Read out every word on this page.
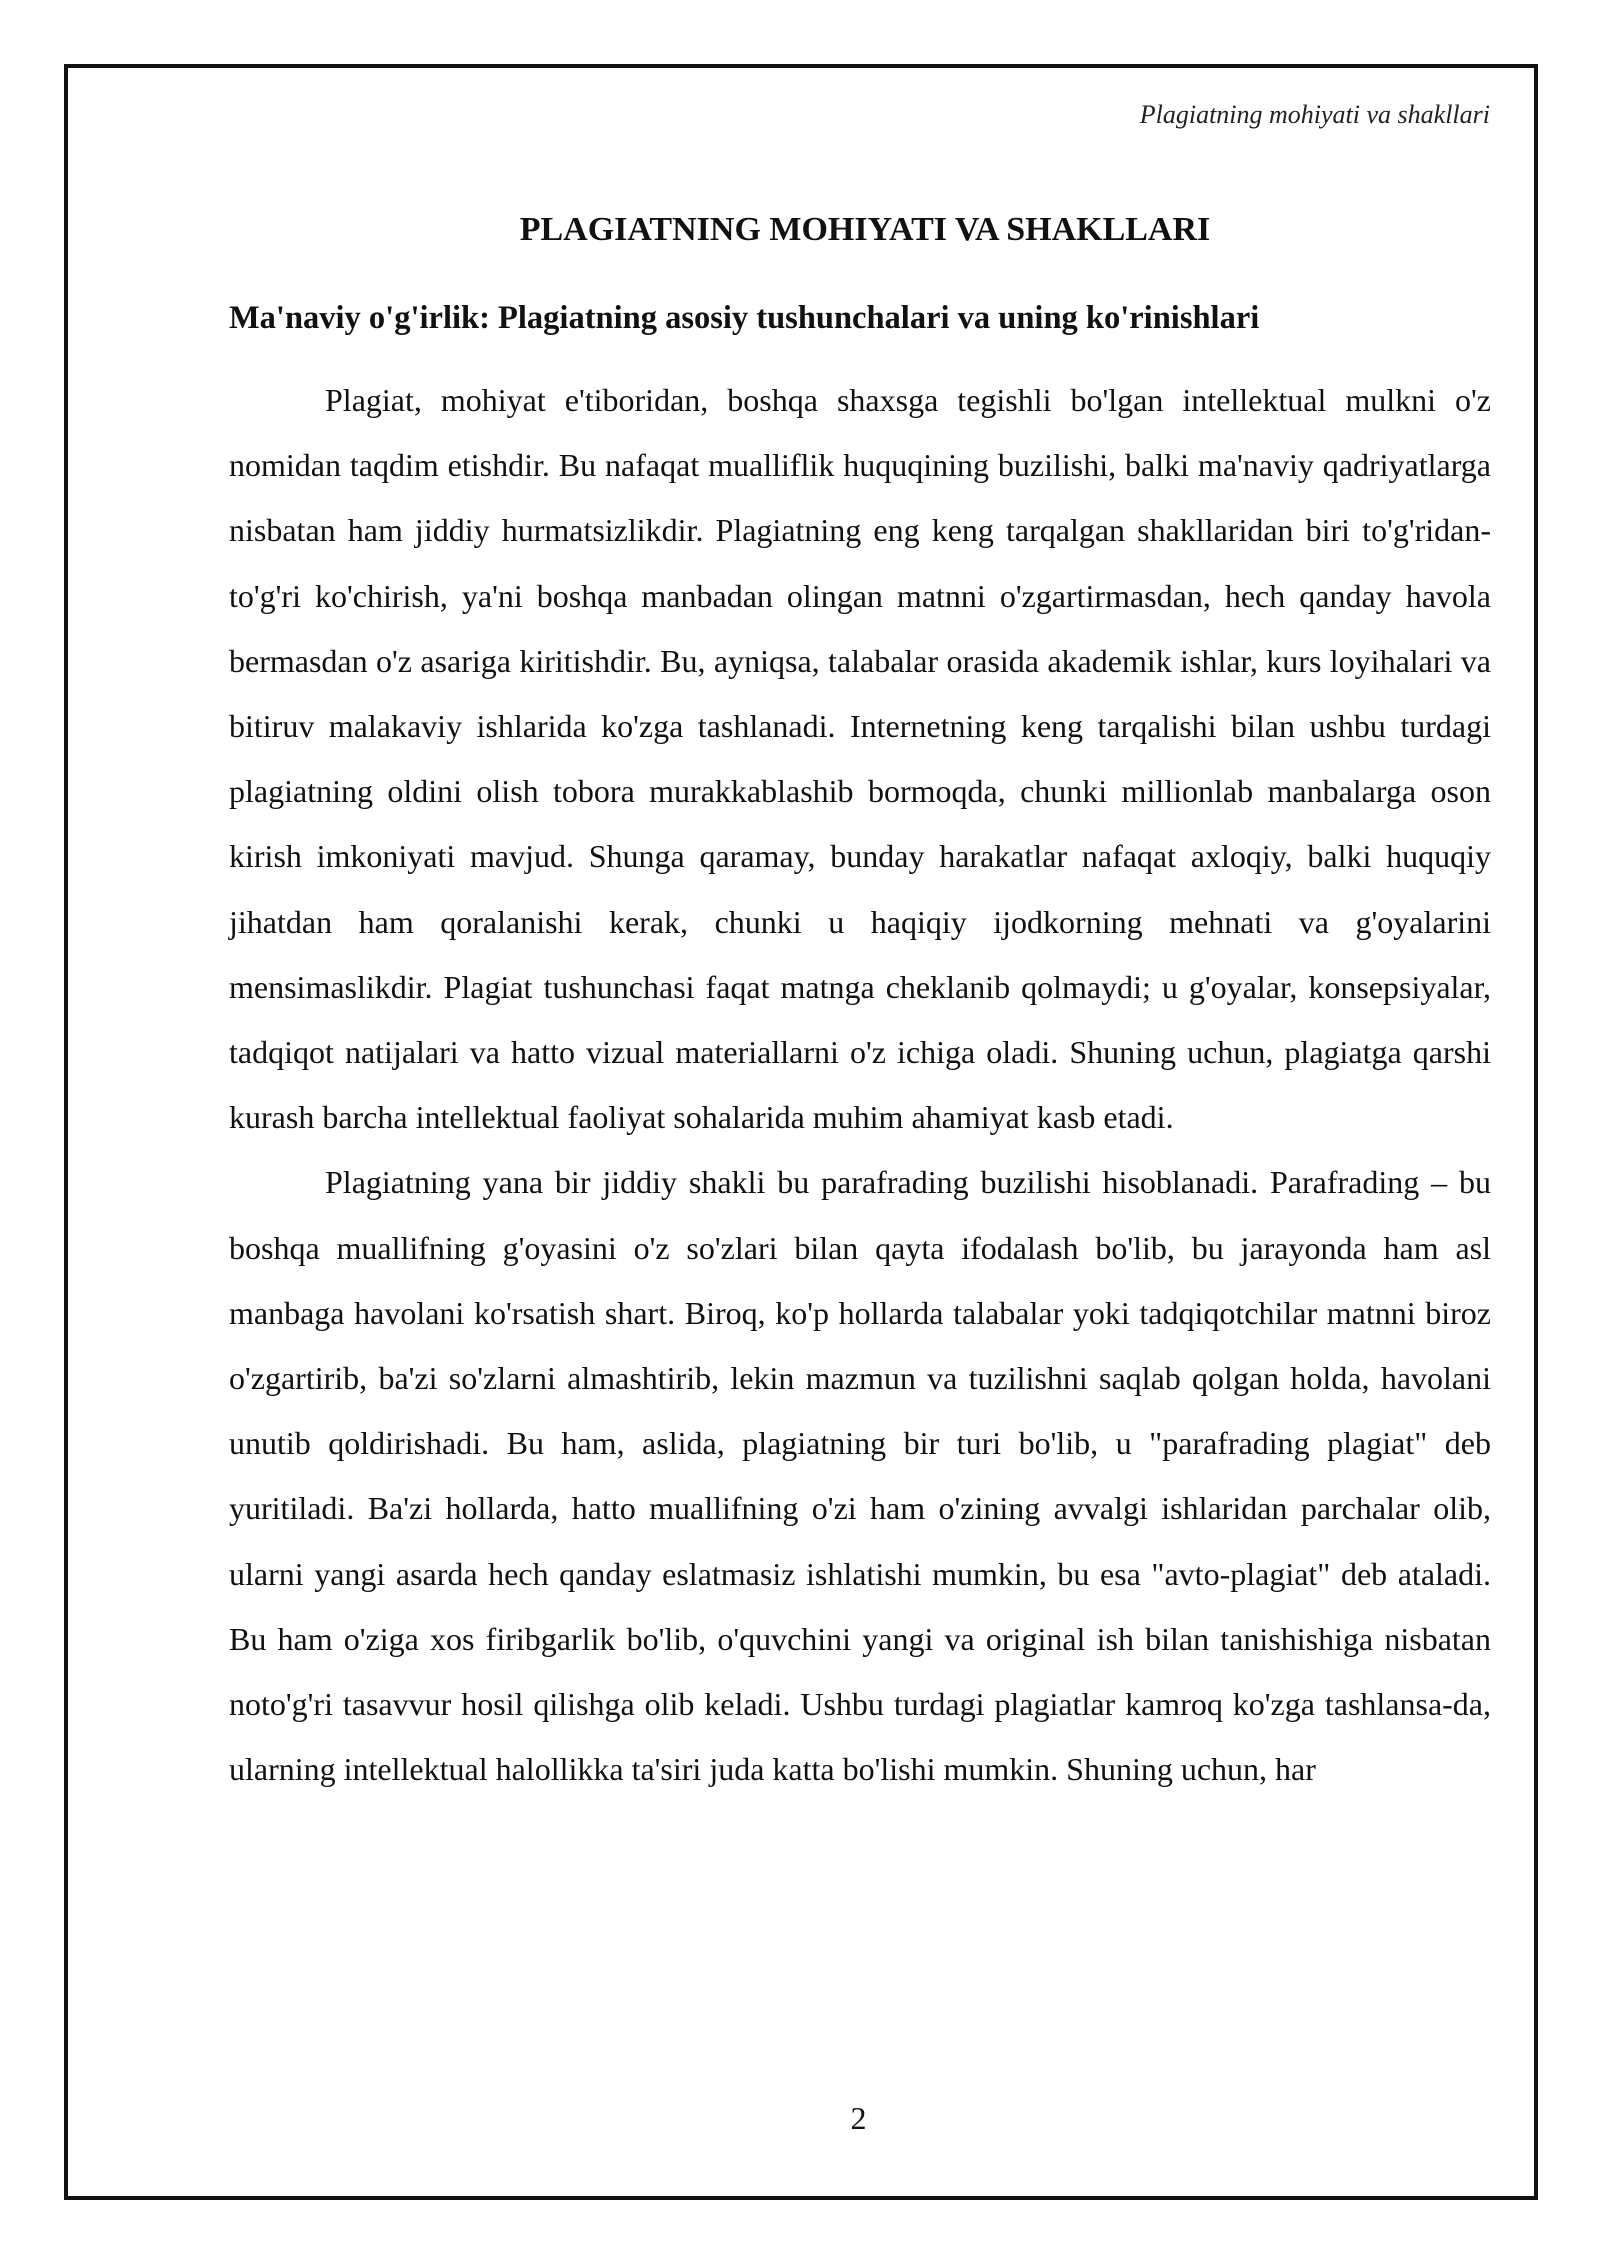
Plagiatning mohiyati va shakllari
PLAGIATNING MOHIYATI VA SHAKLLARI
Ma'naviy o'g'irlik: Plagiatning asosiy tushunchalari va uning ko'rinishlari

Plagiat, mohiyat e'tiboridan, boshqa shaxsga tegishli bo'lgan intellektual mulkni o'z nomidan taqdim etishdir. Bu nafaqat mualliflik huquqining buzilishi, balki ma'naviy qadriyatlarga nisbatan ham jiddiy hurmatsizlikdir. Plagiatning eng keng tarqalgan shakllaridan biri to'g'ridan-to'g'ri ko'chirish, ya'ni boshqa manbadan olingan matnni o'zgartirmasdan, hech qanday havola bermasdan o'z asariga kiritishdir. Bu, ayniqsa, talabalar orasida akademik ishlar, kurs loyihalari va bitiruv malakaviy ishlarida ko'zga tashlanadi. Internetning keng tarqalishi bilan ushbu turdagi plagiatning oldini olish tobora murakkablashib bormoqda, chunki millionlab manbalarga oson kirish imkoniyati mavjud. Shunga qaramay, bunday harakatlar nafaqat axloqiy, balki huquqiy jihatdan ham qoralanishi kerak, chunki u haqiqiy ijodkorning mehnati va g'oyalarini mensimaslikdir. Plagiat tushunchasi faqat matnga cheklanib qolmaydi; u g'oyalar, konsepsiyalar, tadqiqot natijalari va hatto vizual materiallarni o'z ichiga oladi. Shuning uchun, plagiatga qarshi kurash barcha intellektual faoliyat sohalarida muhim ahamiyat kasb etadi.

Plagiatning yana bir jiddiy shakli bu parafrading buzilishi hisoblanadi. Parafrading – bu boshqa muallifning g'oyasini o'z so'zlari bilan qayta ifodalash bo'lib, bu jarayonda ham asl manbaga havolani ko'rsatish shart. Biroq, ko'p hollarda talabalar yoki tadqiqotchilar matnni biroz o'zgartirib, ba'zi so'zlarni almashtirib, lekin mazmun va tuzilishni saqlab qolgan holda, havolani unutib qoldirishadi. Bu ham, aslida, plagiatning bir turi bo'lib, u "parafrading plagiat" deb yuritiladi. Ba'zi hollarda, hatto muallifning o'zi ham o'zining avvalgi ishlaridan parchalar olib, ularni yangi asarda hech qanday eslatmasiz ishlatishi mumkin, bu esa "avto-plagiat" deb ataladi. Bu ham o'ziga xos firibgarlik bo'lib, o'quvchini yangi va original ish bilan tanishishiga nisbatan noto'g'ri tasavvur hosil qilishga olib keladi. Ushbu turdagi plagiatlar kamroq ko'zga tashlansa-da, ularning intellektual halollikka ta'siri juda katta bo'lishi mumkin. Shuning uchun, har

2
